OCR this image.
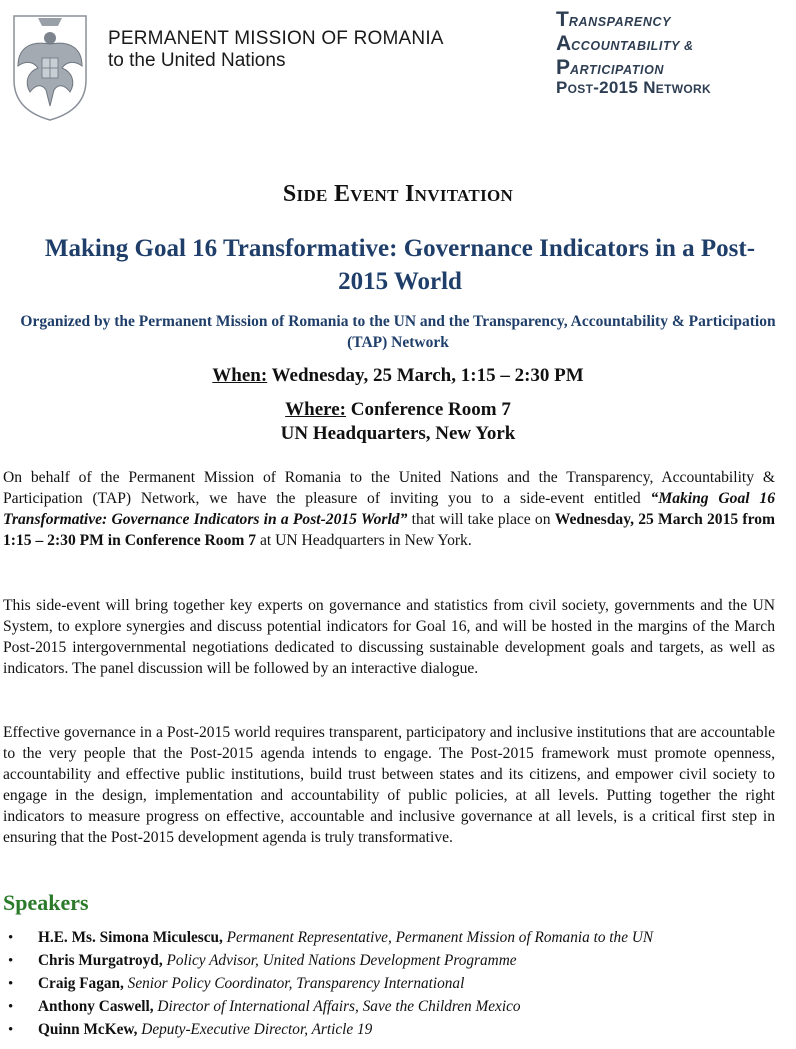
PERMANENT MISSION OF ROMANIA
to the United Nations
TRANSPARENCY
ACCOUNTABILITY &
PARTICIPATION
Post-2015 Network
Side Event Invitation
Making Goal 16 Transformative: Governance Indicators in a Post-2015 World
Organized by the Permanent Mission of Romania to the UN and the Transparency, Accountability & Participation (TAP) Network
When: Wednesday, 25 March, 1:15 – 2:30 PM
Where: Conference Room 7
UN Headquarters, New York
On behalf of the Permanent Mission of Romania to the United Nations and the Transparency, Accountability & Participation (TAP) Network, we have the pleasure of inviting you to a side-event entitled “Making Goal 16 Transformative: Governance Indicators in a Post-2015 World” that will take place on Wednesday, 25 March 2015 from 1:15 – 2:30 PM in Conference Room 7 at UN Headquarters in New York.
This side-event will bring together key experts on governance and statistics from civil society, governments and the UN System, to explore synergies and discuss potential indicators for Goal 16, and will be hosted in the margins of the March Post-2015 intergovernmental negotiations dedicated to discussing sustainable development goals and targets, as well as indicators. The panel discussion will be followed by an interactive dialogue.
Effective governance in a Post-2015 world requires transparent, participatory and inclusive institutions that are accountable to the very people that the Post-2015 agenda intends to engage. The Post-2015 framework must promote openness, accountability and effective public institutions, build trust between states and its citizens, and empower civil society to engage in the design, implementation and accountability of public policies, at all levels. Putting together the right indicators to measure progress on effective, accountable and inclusive governance at all levels, is a critical first step in ensuring that the Post-2015 development agenda is truly transformative.
Speakers
• H.E. Ms. Simona Miculescu, Permanent Representative, Permanent Mission of Romania to the UN
• Chris Murgatroyd, Policy Advisor, United Nations Development Programme
• Craig Fagan, Senior Policy Coordinator, Transparency International
• Anthony Caswell, Director of International Affairs, Save the Children Mexico
• Quinn McKew, Deputy-Executive Director, Article 19
